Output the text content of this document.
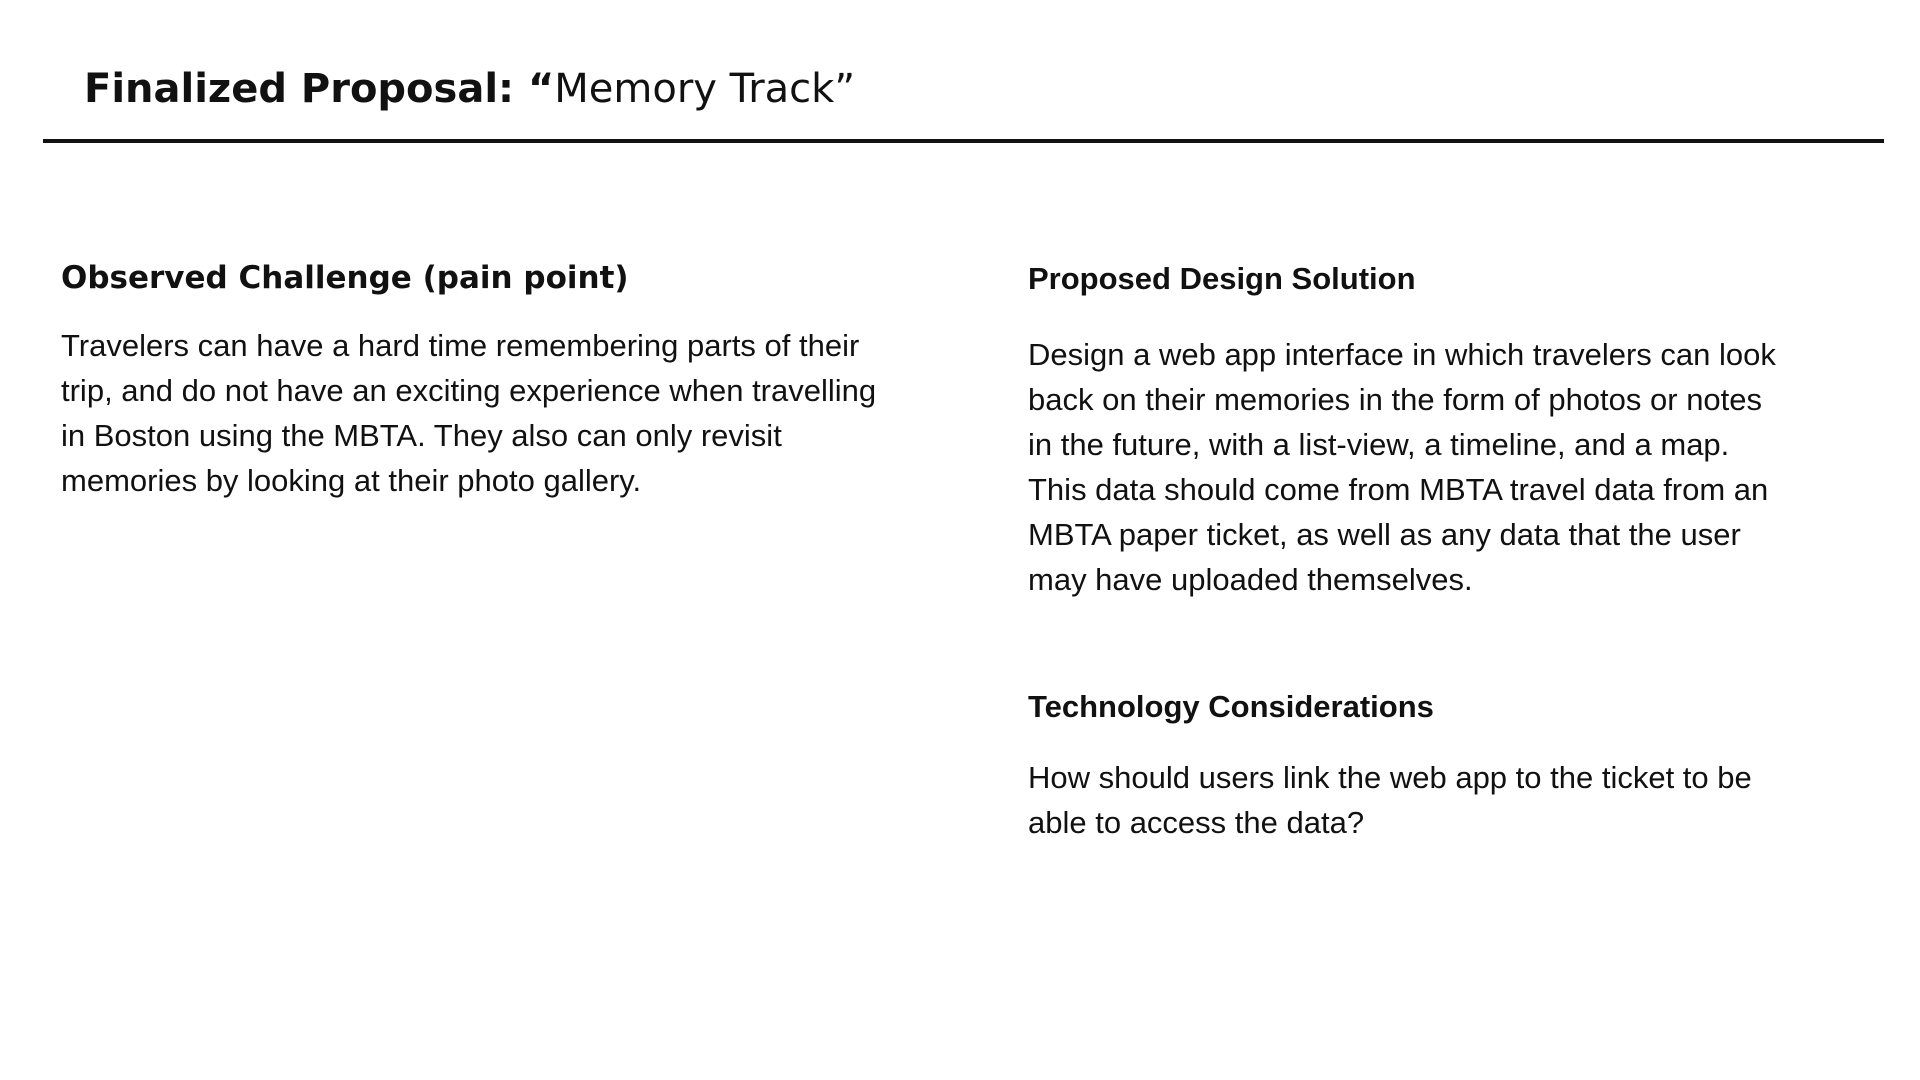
Finalized Proposal: “Memory Track”
Observed Challenge (pain point)

Travelers can have a hard time remembering parts of their
trip, and do not have an exciting experience when travelling
in Boston using the MBTA. They also can only revisit
memories by looking at their photo gallery.

Proposed Design Solution

Design a web app interface in which travelers can look
back on their memories in the form of photos or notes
in the future, with a list-view, a timeline, and a map.
This data should come from MBTA travel data from an
MBTA paper ticket, as well as any data that the user
may have uploaded themselves.

Technology Considerations

How should users link the web app to the ticket to be
able to access the data?
